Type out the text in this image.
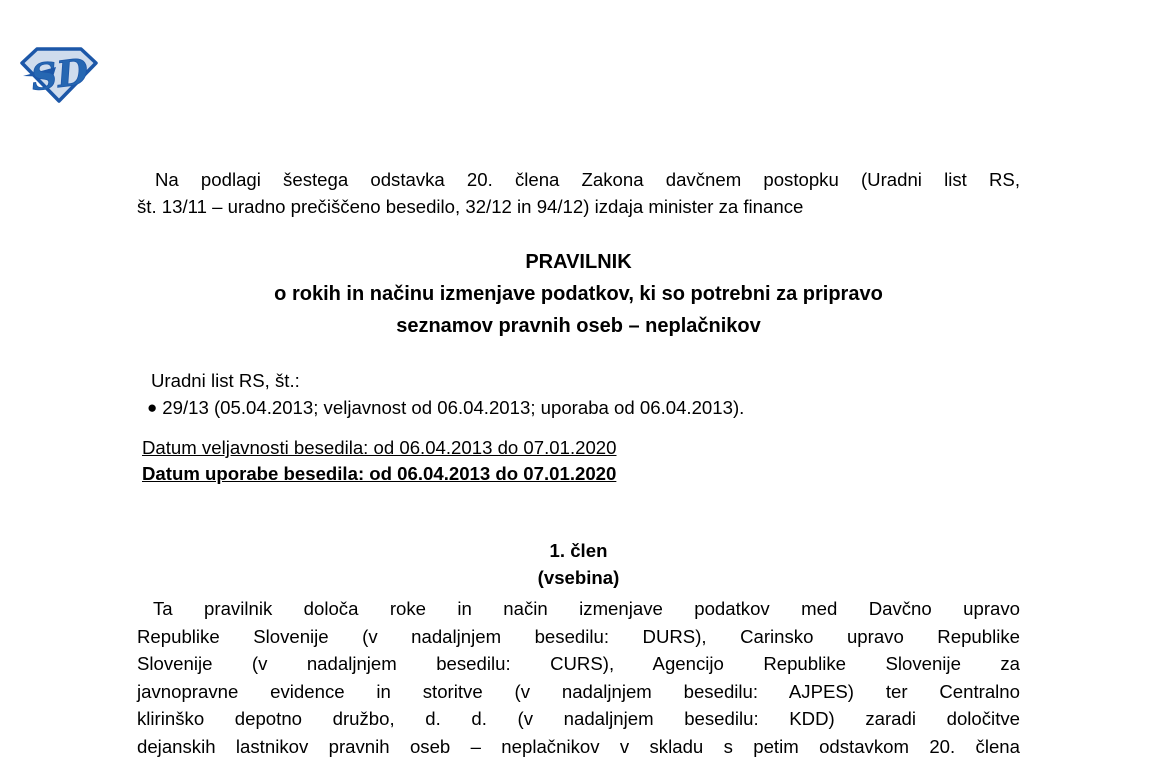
SD

Na podlagi šestega odstavka 20. člena Zakona davčnem postopku (Uradni list RS,
št. 13/11 – uradno prečiščeno besedilo, 32/12 in 94/12) izdaja minister za finance

PRAVILNIK
o rokih in načinu izmenjave podatkov, ki so potrebni za pripravo
seznamov pravnih oseb – neplačnikov
Uradni list RS, št.:
● 29/13 (05.04.2013; veljavnost od 06.04.2013; uporaba od 06.04.2013).
Datum veljavnosti besedila: od 06.04.2013 do 07.01.2020
Datum uporabe besedila: od 06.04.2013 do 07.01.2020
1. člen
(vsebina)

Ta pravilnik določa roke in način izmenjave podatkov med Davčno upravo
Republike Slovenije (v nadaljnjem besedilu: DURS), Carinsko upravo Republike
Slovenije (v nadaljnjem besedilu: CURS), Agencijo Republike Slovenije za
javnopravne evidence in storitve (v nadaljnjem besedilu: AJPES) ter Centralno
klirinško depotno družbo, d. d. (v nadaljnjem besedilu: KDD) zaradi določitve
dejanskih lastnikov pravnih oseb – neplačnikov v skladu s petim odstavkom 20. člena
